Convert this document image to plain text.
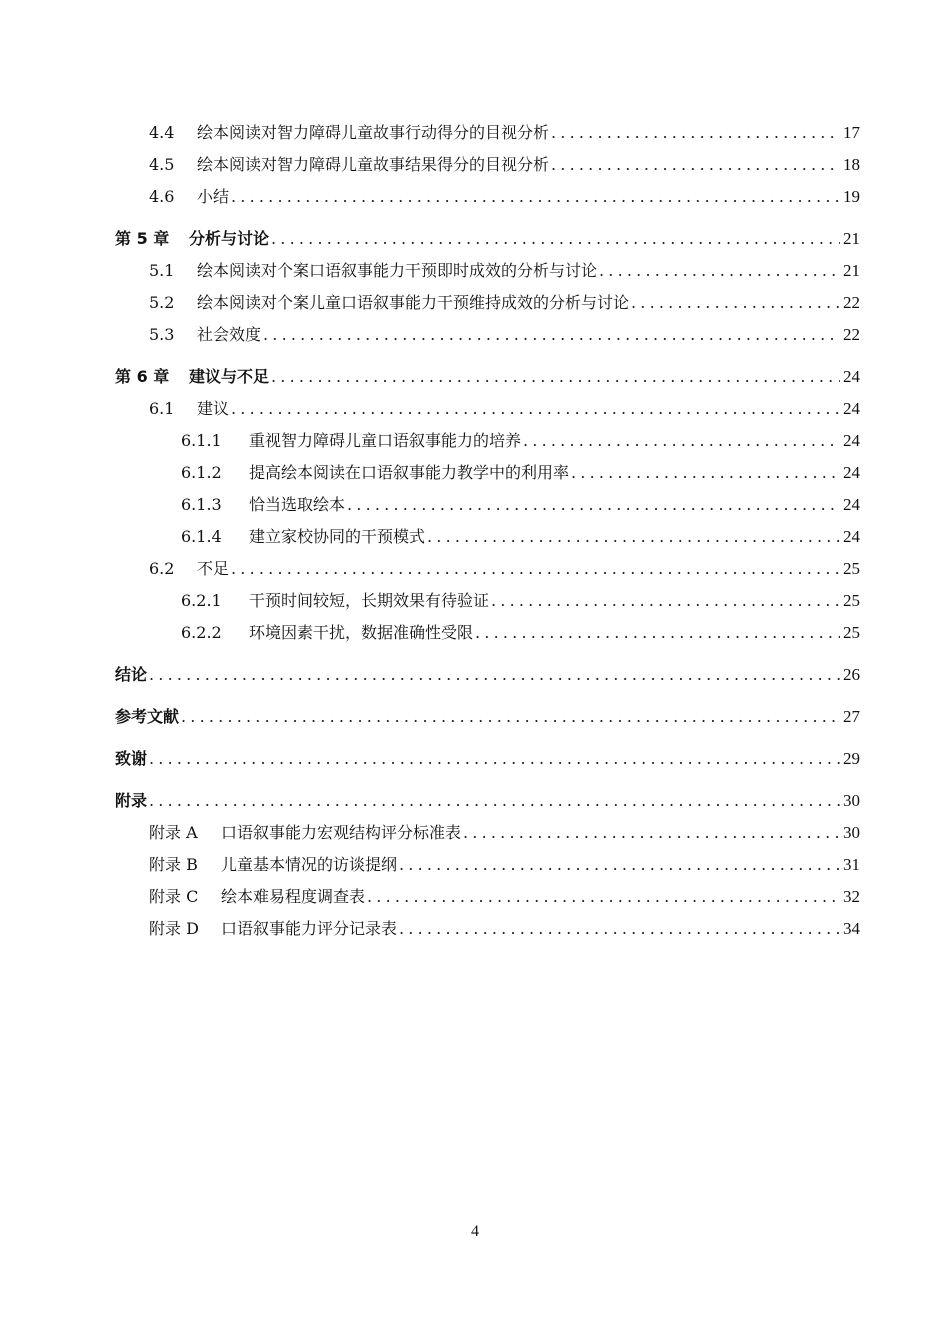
4.4	绘本阅读对智力障碍儿童故事行动得分的目视分析 .....	17
4.5	绘本阅读对智力障碍儿童故事结果得分的目视分析 .....	18
4.6	小结 .....	19
第 5 章	分析与讨论 .....	21
5.1	绘本阅读对个案口语叙事能力干预即时成效的分析与讨论 .....	21
5.2	绘本阅读对个案儿童口语叙事能力干预维持成效的分析与讨论 .....	22
5.3	社会效度 .....	22
第 6 章	建议与不足 .....	24
6.1	建议 .....	24
6.1.1	重视智力障碍儿童口语叙事能力的培养 .....	24
6.1.2	提高绘本阅读在口语叙事能力教学中的利用率 .....	24
6.1.3	恰当选取绘本 .....	24
6.1.4	建立家校协同的干预模式 .....	24
6.2	不足 .....	25
6.2.1	干预时间较短，长期效果有待验证 .....	25
6.2.2	环境因素干扰，数据准确性受限 .....	25
结论 .....	26
参考文献 .....	27
致谢 .....	29
附录 .....	30
附录 A	口语叙事能力宏观结构评分标准表 .....	30
附录 B	儿童基本情况的访谈提纲 .....	31
附录 C	绘本难易程度调查表 .....	32
附录 D	口语叙事能力评分记录表 .....	34
4
